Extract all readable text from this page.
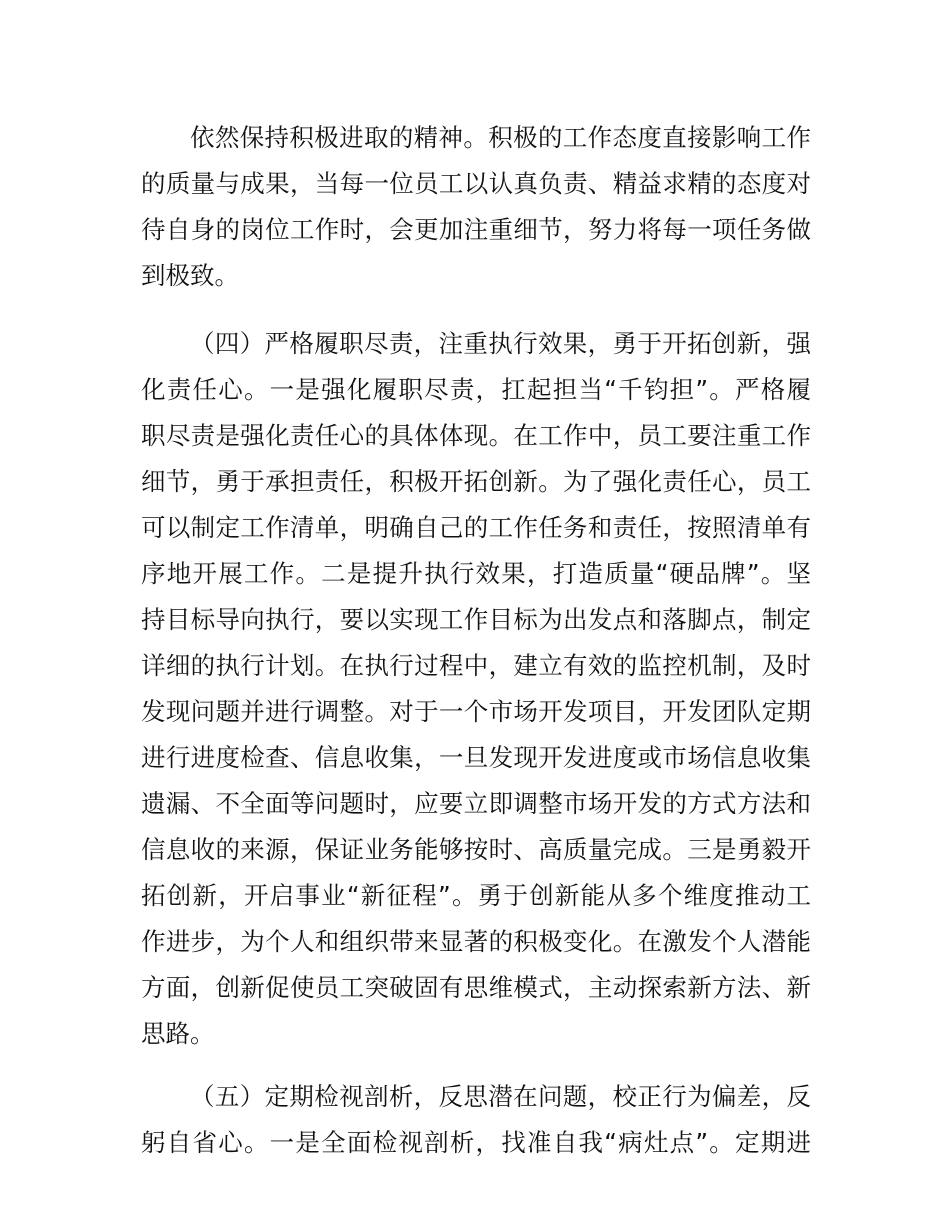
依然保持积极进取的精神。积极的工作态度直接影响工作
的质量与成果，当每一位员工以认真负责、精益求精的态度对
待自身的岗位工作时，会更加注重细节，努力将每一项任务做
到极致。
（四）严格履职尽责，注重执行效果，勇于开拓创新，强
化责任心。一是强化履职尽责，扛起担当“千钧担”。严格履
职尽责是强化责任心的具体体现。在工作中，员工要注重工作
细节，勇于承担责任，积极开拓创新。为了强化责任心，员工
可以制定工作清单，明确自己的工作任务和责任，按照清单有
序地开展工作。二是提升执行效果，打造质量“硬品牌”。坚
持目标导向执行，要以实现工作目标为出发点和落脚点，制定
详细的执行计划。在执行过程中，建立有效的监控机制，及时
发现问题并进行调整。对于一个市场开发项目，开发团队定期
进行进度检查、信息收集，一旦发现开发进度或市场信息收集
遗漏、不全面等问题时，应要立即调整市场开发的方式方法和
信息收的来源，保证业务能够按时、高质量完成。三是勇毅开
拓创新，开启事业“新征程”。勇于创新能从多个维度推动工
作进步，为个人和组织带来显著的积极变化。在激发个人潜能
方面，创新促使员工突破固有思维模式，主动探索新方法、新
思路。
（五）定期检视剖析，反思潜在问题，校正行为偏差，反
躬自省心。一是全面检视剖析，找准自我“病灶点”。定期进
